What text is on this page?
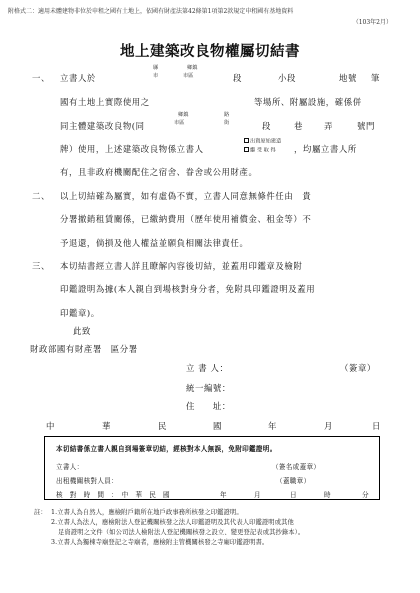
附格式二：適用未體建物非位於申租之國有土地上，依國有財產法第42條第1項第2款規定申租國有基地資料
（103年2月）
地上建築改良物權屬切結書
一、 立書人於
縣
市
鄉鎮
市區	段	小段	地號 筆
國有土地上實際使用之	等場所、附屬設施，確係併
同主體建築改良物(同
鄉鎮
市區
路
街	段	巷	弄	號門
牌）使用，上述建築改良物係立書人
出資原始建造
繼 受 取 得 ，均屬立書人所
有，且非政府機關配住之宿舍、眷舍或公用財產。
二、 以上切結確為屬實，如有虛偽不實，立書人同意無條件任由　貴
分署撤銷租賃關係，已繳納費用（歷年使用補償金、租金等）不
予退還，倘損及他人權益並願負相關法律責任。
三、 本切結書經立書人詳且瞭解內容後切結，並蓋用印鑑章及檢附
印鑑證明為據(本人親自到場核對身分者，免附具印鑑證明及蓋用
印鑑章)。
此致
財政部國有財產署　區分署
立 書 人：	（簽章）
統一編號：
住　　址：
中	華	民	國	年	月	日
本切結書係立書人親自到場簽章切結，經核對本人無誤，免附印鑑證明。
立書人：	（簽名或蓋章）
出租機關核對人員：	（蓋職章）
核　對　時　間　：　中　華　民　國	年	月	日	時	分
註： 1.立書人為自然人，應檢附戶籍所在地戶政事務所核發之印鑑證明。
2.立書人為法人，應檢附法人登記機關核發之法人印鑑證明及其代表人印鑑證明或其他
足資證明之文件（如公司法人檢附法人登記機關核發之設立、變更登記表或其抄錄本）。
3.立書人為獨棟寺廟登記之寺廟者，應檢附主管機關核發之寺廟印鑑證明書。
